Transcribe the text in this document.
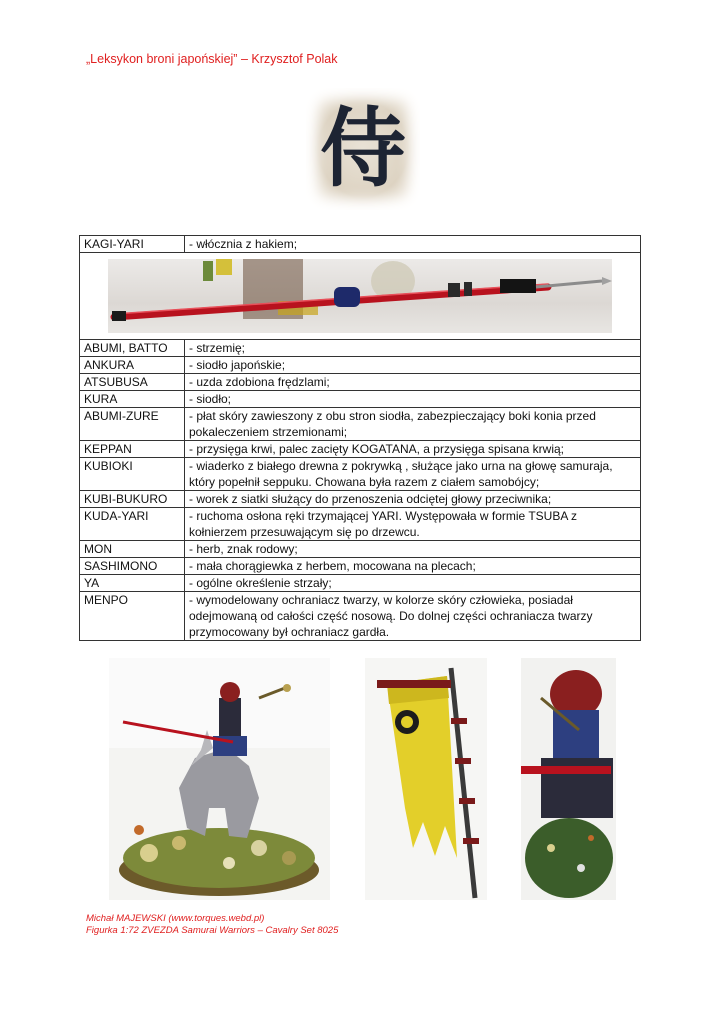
„Leksykon broni japońskiej” – Krzysztof Polak
侍
KAGI-YARI	- włócznia z hakiem;

ABUMI, BATTO	- strzemię;
ANKURA	- siodło japońskie;
ATSUBUSA	- uzda zdobiona frędzlami;
KURA	- siodło;
ABUMI-ZURE	- płat skóry zawieszony z obu stron siodła, zabezpieczający boki konia przed pokaleczeniem strzemionami;
KEPPAN	- przysięga krwi, palec zacięty KOGATANA, a przysięga spisana krwią;
KUBIOKI	- wiaderko z białego drewna z pokrywką , służące jako urna na głowę samuraja, który popełnił seppuku. Chowana była razem z ciałem samobójcy;
KUBI-BUKURO	- worek z siatki służący do przenoszenia odciętej głowy przeciwnika;
KUDA-YARI	- ruchoma osłona ręki trzymającej YARI. Występowała w formie TSUBA z kołnierzem przesuwającym się po drzewcu.
MON	- herb, znak rodowy;
SASHIMONO	- mała chorągiewka z herbem, mocowana na plecach;
YA	- ogólne określenie strzały;
MENPO	- wymodelowany ochraniacz twarzy, w kolorze skóry człowieka, posiadał odejmowaną od całości część nosową. Do dolnej części ochraniacza twarzy przymocowany był ochraniacz gardła.
Michał MAJEWSKI (www.torques.webd.pl)
Figurka 1:72 ZVEZDA Samurai Warriors – Cavalry Set 8025
